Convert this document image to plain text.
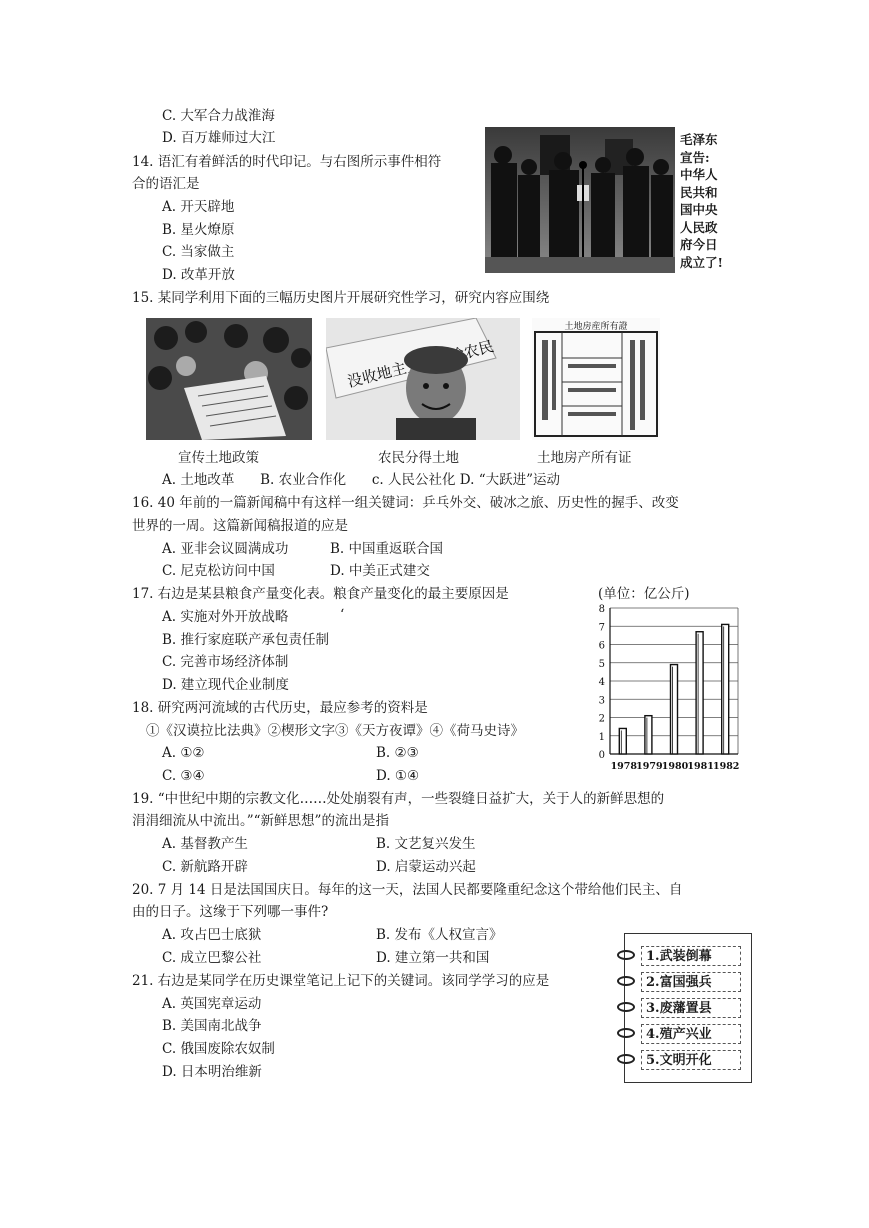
C. 大军合力战淮海
D. 百万雄师过大江
14. 语汇有着鲜活的时代印记。与右图所示事件相符
合的语汇是
A. 开天辟地
B. 星火燎原
C. 当家做主
D. 改革开放
毛泽东
宣告:
中华人
民共和
国中央
人民政
府今日
成立了!
15. 某同学利用下面的三幅历史图片开展研究性学习，研究内容应围绕
土地房産所有證
宣传土地政策	农民分得土地	土地房产所有证
A. 土地改革      B. 农业合作化      c. 人民公社化 D. “大跃进”运动
16. 40 年前的一篇新闻稿中有这样一组关键词：乒乓外交、破冰之旅、历史性的握手、改变
世界的一周。这篇新闻稿报道的应是
A. 亚非会议圆满成功	B. 中国重返联合国
C. 尼克松访问中国	D. 中美正式建交
17. 右边是某县粮食产量变化表。粮食产量变化的最主要原因是
A. 实施对外开放战略	‘
B. 推行家庭联产承包责任制
C. 完善市场经济体制
D. 建立现代企业制度
(单位：亿公斤)
0
1
2
3
4
5
6
7
8
1978 1979 1980 1981 1982
18. 研究两河流域的古代历史，最应参考的资料是
①《汉谟拉比法典》②楔形文字③《天方夜谭》④《荷马史诗》
A. ①②	B. ②③
C. ③④	D. ①④
19. “中世纪中期的宗教文化……处处崩裂有声，一些裂缝日益扩大，关于人的新鲜思想的
涓涓细流从中流出。”“新鲜思想”的流出是指
A. 基督教产生	B. 文艺复兴发生
C. 新航路开辟	D. 启蒙运动兴起
20. 7 月 14 日是法国国庆日。每年的这一天，法国人民都要隆重纪念这个带给他们民主、自
由的日子。这缘于下列哪一事件?
A. 攻占巴士底狱	B. 发布《人权宣言》
C. 成立巴黎公社	D. 建立第一共和国
21. 右边是某同学在历史课堂笔记上记下的关键词。该同学学习的应是
A. 英国宪章运动
B. 美国南北战争
C. 俄国废除农奴制
D. 日本明治维新
1.武装倒幕
2.富国强兵
3.废藩置县
4.殖产兴业
5.文明开化
